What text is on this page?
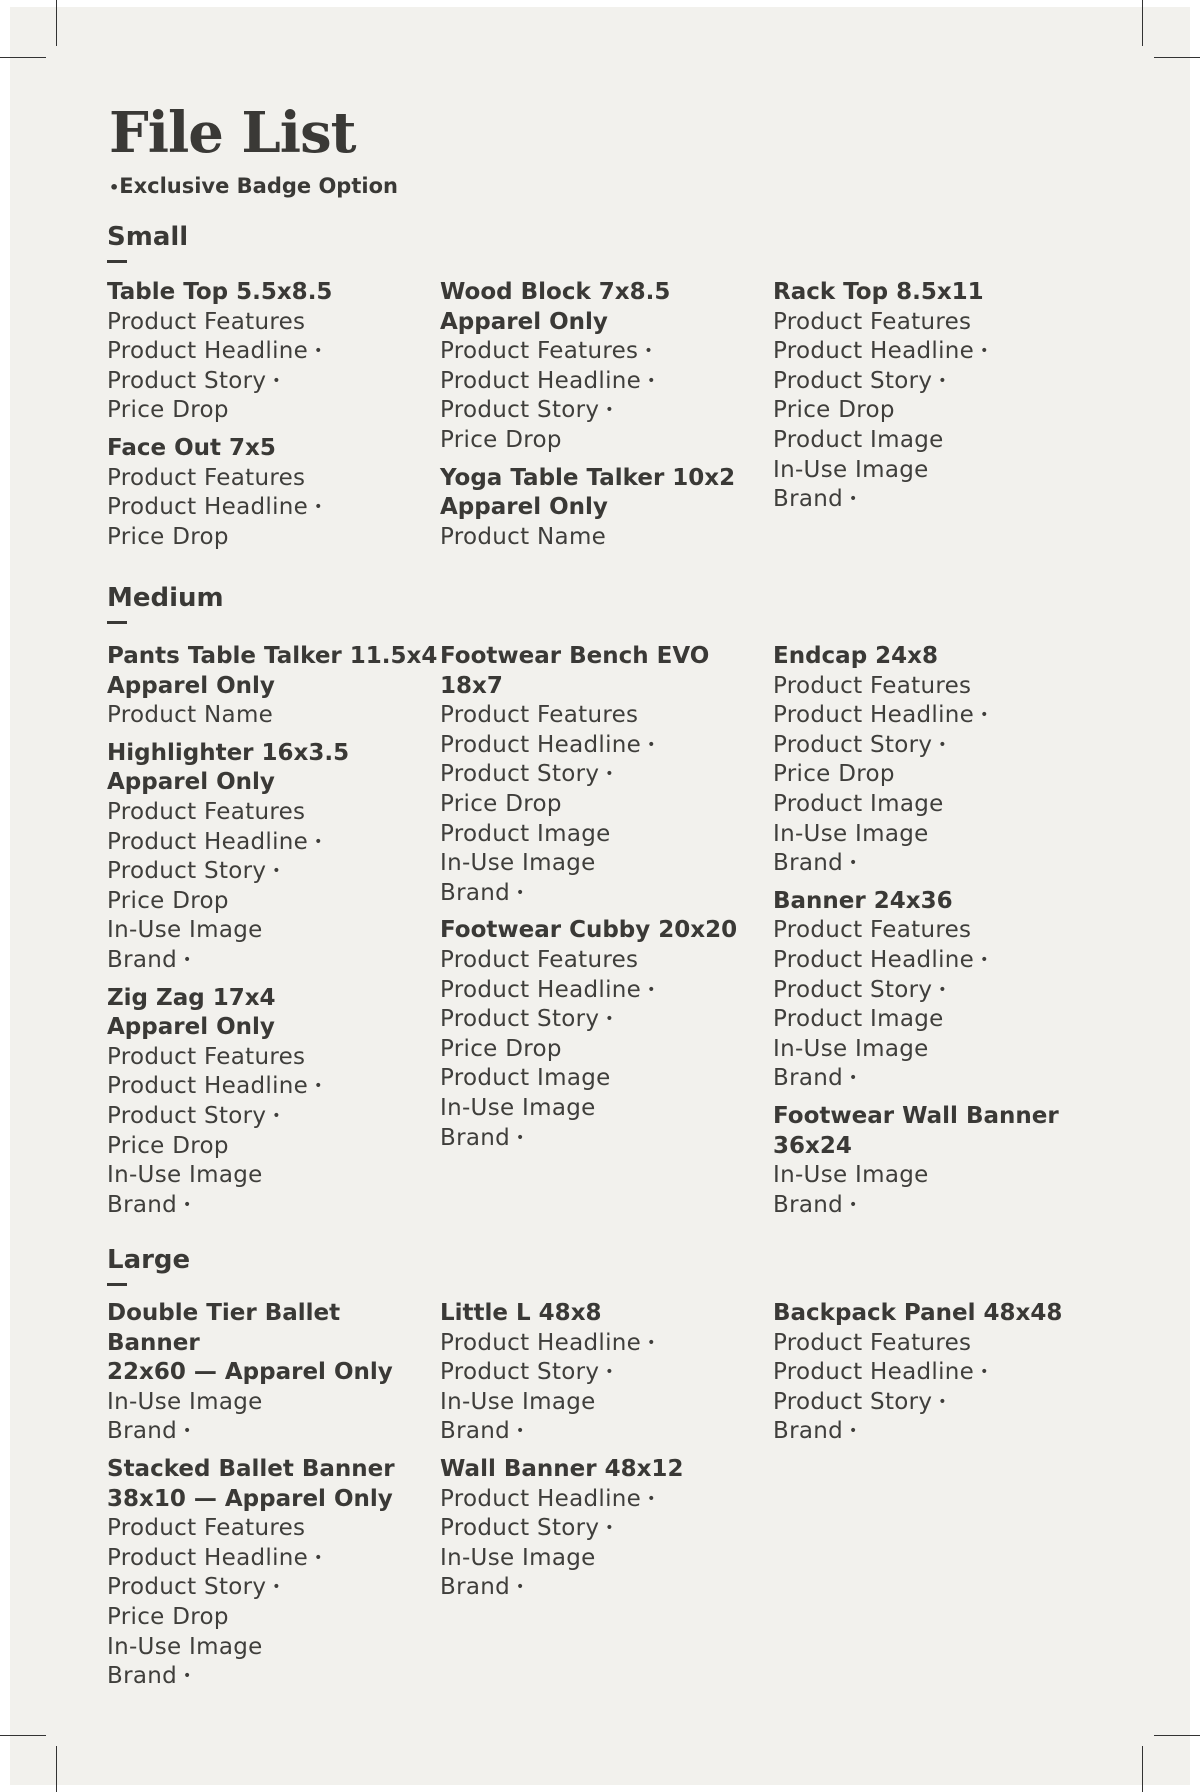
File List
•Exclusive Badge Option
Small
Table Top 5.5x8.5
Product Features
Product Headline •
Product Story •
Price Drop
Face Out 7x5
Product Features
Product Headline •
Price Drop
Wood Block 7x8.5
Apparel Only
Product Features •
Product Headline •
Product Story •
Price Drop
Yoga Table Talker 10x2
Apparel Only
Product Name
Rack Top 8.5x11
Product Features
Product Headline •
Product Story •
Price Drop
Product Image
In-Use Image
Brand •
Medium
Pants Table Talker 11.5x4
Apparel Only
Product Name
Highlighter 16x3.5
Apparel Only
Product Features
Product Headline •
Product Story •
Price Drop
In-Use Image
Brand •
Zig Zag 17x4
Apparel Only
Product Features
Product Headline •
Product Story •
Price Drop
In-Use Image
Brand •
Footwear Bench EVO 18x7
Product Features
Product Headline •
Product Story •
Price Drop
Product Image
In-Use Image
Brand •
Footwear Cubby 20x20
Product Features
Product Headline •
Product Story •
Price Drop
Product Image
In-Use Image
Brand •
Endcap 24x8
Product Features
Product Headline •
Product Story •
Price Drop
Product Image
In-Use Image
Brand •
Banner 24x36
Product Features
Product Headline •
Product Story •
Product Image
In-Use Image
Brand •
Footwear Wall Banner
36x24
In-Use Image
Brand •
Large
Double Tier Ballet Banner
22x60 — Apparel Only
In-Use Image
Brand •
Stacked Ballet Banner
38x10 — Apparel Only
Product Features
Product Headline •
Product Story •
Price Drop
In-Use Image
Brand •
Little L 48x8
Product Headline •
Product Story •
In-Use Image
Brand •
Wall Banner 48x12
Product Headline •
Product Story •
In-Use Image
Brand •
Backpack Panel 48x48
Product Features
Product Headline •
Product Story •
Brand •
